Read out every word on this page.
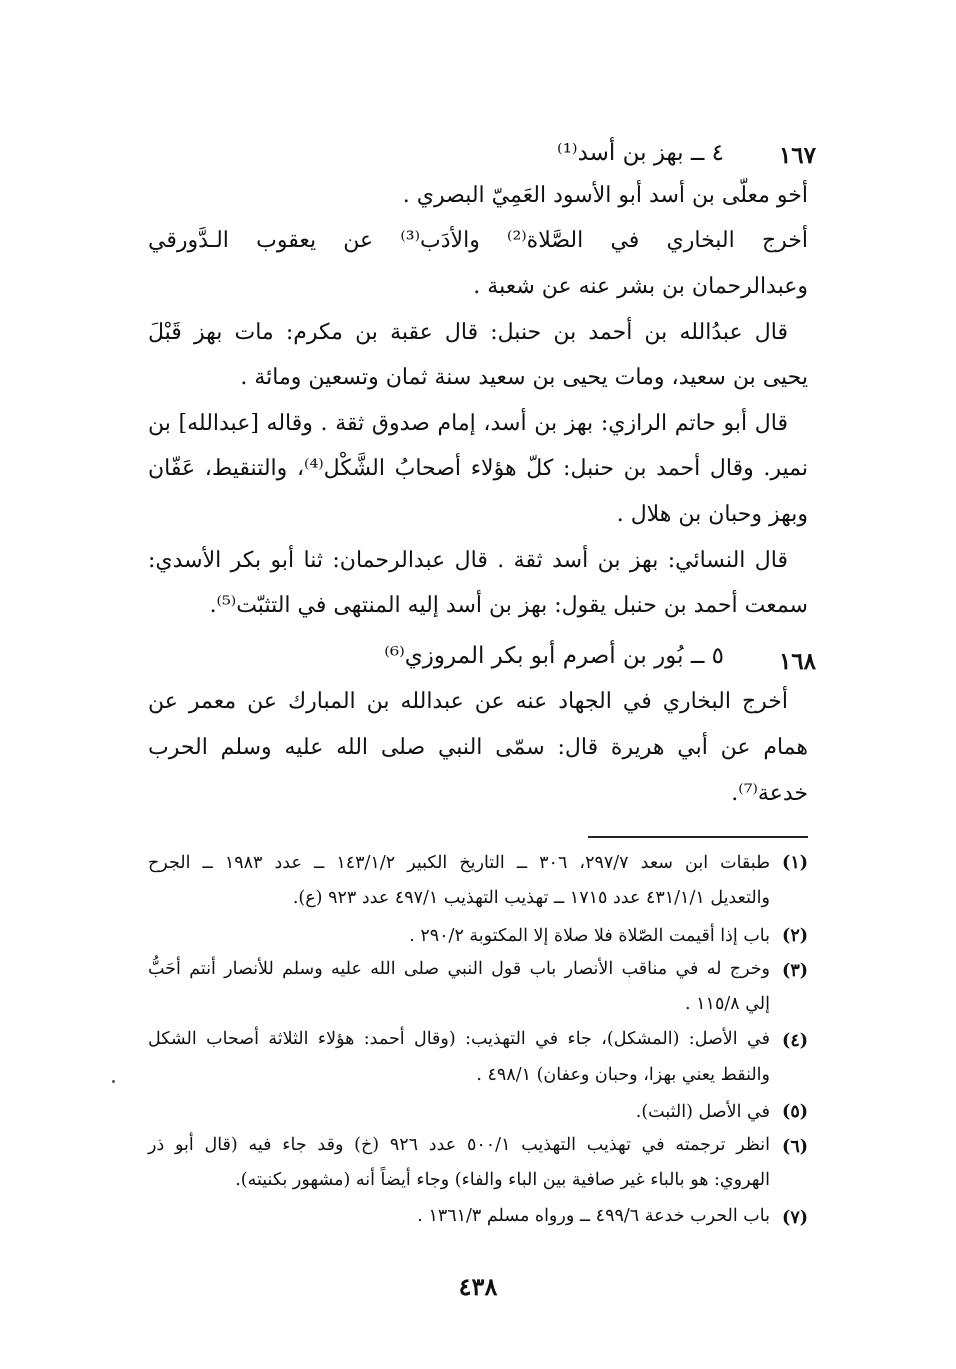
١٦٧
٤ ــ بهز بن أسد⁽¹⁾
أخو معلّى بن أسد أبو الأسود العَمِيّ البصري .
أخرج البخاري في الصَّلاة⁽²⁾ والأدَب⁽³⁾ عن يعقوب الـدَّورقي
وعبدالرحمان بن بشر عنه عن شعبة .
قال عبدُالله بن أحمد بن حنبل: قال عقبة بن مكرم: مات بهز قَبْلَ
يحيى بن سعيد، ومات يحيى بن سعيد سنة ثمان وتسعين ومائة .
قال أبو حاتم الرازي: بهز بن أسد، إمام صدوق ثقة . وقاله [عبدالله] بن
نمير. وقال أحمد بن حنبل: كلّ هؤلاء أصحابُ الشَّكْل⁽⁴⁾، والتنقيط، عَفّان
وبهز وحبان بن هلال .
قال النسائي: بهز بن أسد ثقة . قال عبدالرحمان: ثنا أبو بكر الأسدي:
سمعت أحمد بن حنبل يقول: بهز بن أسد إليه المنتهى في التثبّت⁽⁵⁾.
١٦٨
٥ ــ بُور بن أصرم أبو بكر المروزي⁽⁶⁾
أخرج البخاري في الجهاد عنه عن عبدالله بن المبارك عن معمر عن
همام عن أبي هريرة قال: سمّى النبي صلى الله عليه وسلم الحرب
خدعة⁽⁷⁾.
(١)
طبقات ابن سعد ٢٩٧/٧، ٣٠٦ ــ التاريخ الكبير ١٤٣/١/٢ ــ عدد ١٩٨٣ ــ الجرح
والتعديل ٤٣١/١/١ عدد ١٧١٥ ــ تهذيب التهذيب ٤٩٧/١ عدد ٩٢٣ (ع).
(٢)
باب إذا أقيمت الصّلاة فلا صلاة إلا المكتوبة ٢٩٠/٢ .
(٣)
وخرج له في مناقب الأنصار باب قول النبي صلى الله عليه وسلم للأنصار أنتم أحَبُّ
إلي ١١٥/٨ .
(٤)
في الأصل: (المشكل)، جاء في التهذيب: (وقال أحمد: هؤلاء الثلاثة أصحاب الشكل
والنقط يعني بهزا، وحبان وعفان) ٤٩٨/١ .
(٥)
في الأصل (الثبت).
(٦)
انظر ترجمته في تهذيب التهذيب ٥٠٠/١ عدد ٩٢٦ (خ) وقد جاء فيه (قال أبو ذر
الهروي: هو بالباء غير صافية بين الباء والفاء) وجاء أيضاً أنه (مشهور بكنيته).
(٧)
باب الحرب خدعة ٤٩٩/٦ ــ ورواه مسلم ١٣٦١/٣ .
٤٣٨
